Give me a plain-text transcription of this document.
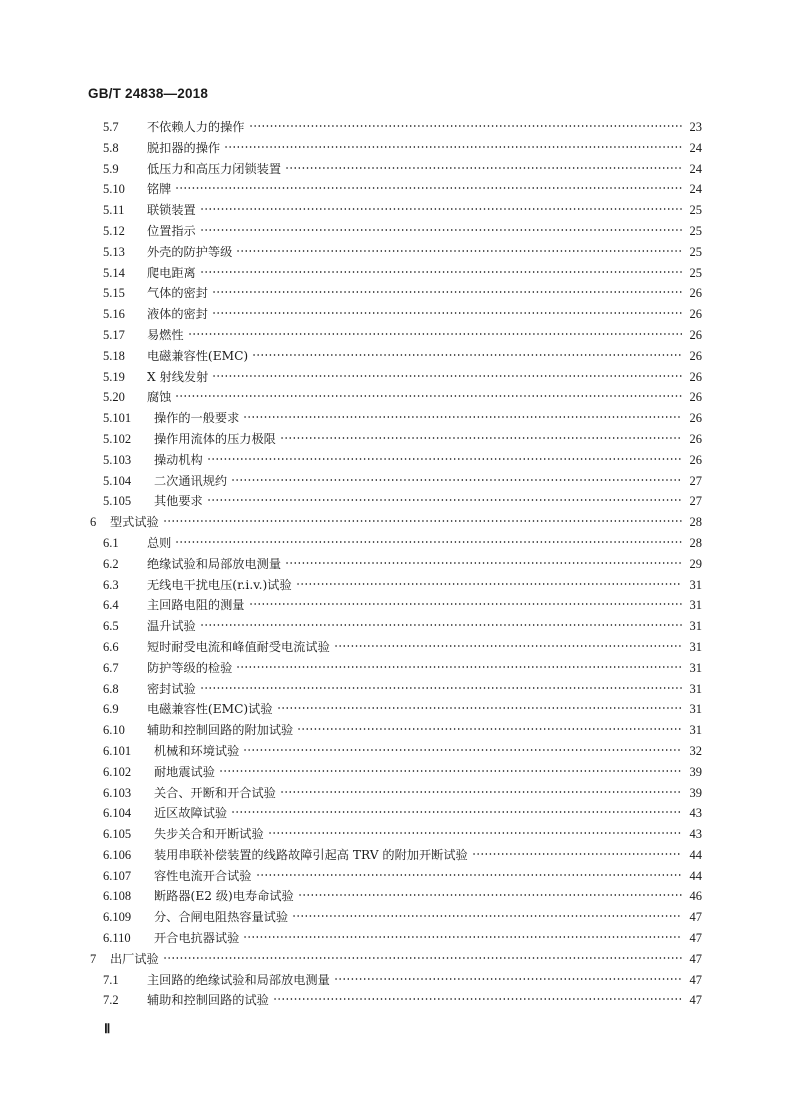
GB/T 24838—2018
5.7	不依赖人力的操作	23
5.8	脱扣器的操作	24
5.9	低压力和高压力闭锁装置	24
5.10	铭牌	24
5.11	联锁装置	25
5.12	位置指示	25
5.13	外壳的防护等级	25
5.14	爬电距离	25
5.15	气体的密封	26
5.16	液体的密封	26
5.17	易燃性	26
5.18	电磁兼容性(EMC)	26
5.19	X 射线发射	26
5.20	腐蚀	26
5.101	操作的一般要求	26
5.102	操作用流体的压力极限	26
5.103	操动机构	26
5.104	二次通讯规约	27
5.105	其他要求	27
6	型式试验	28
6.1	总则	28
6.2	绝缘试验和局部放电测量	29
6.3	无线电干扰电压(r.i.v.)试验	31
6.4	主回路电阻的测量	31
6.5	温升试验	31
6.6	短时耐受电流和峰值耐受电流试验	31
6.7	防护等级的检验	31
6.8	密封试验	31
6.9	电磁兼容性(EMC)试验	31
6.10	辅助和控制回路的附加试验	31
6.101	机械和环境试验	32
6.102	耐地震试验	39
6.103	关合、开断和开合试验	39
6.104	近区故障试验	43
6.105	失步关合和开断试验	43
6.106	装用串联补偿装置的线路故障引起高 TRV 的附加开断试验	44
6.107	容性电流开合试验	44
6.108	断路器(E2 级)电寿命试验	46
6.109	分、合闸电阻热容量试验	47
6.110	开合电抗器试验	47
7	出厂试验	47
7.1	主回路的绝缘试验和局部放电测量	47
7.2	辅助和控制回路的试验	47
Ⅱ
